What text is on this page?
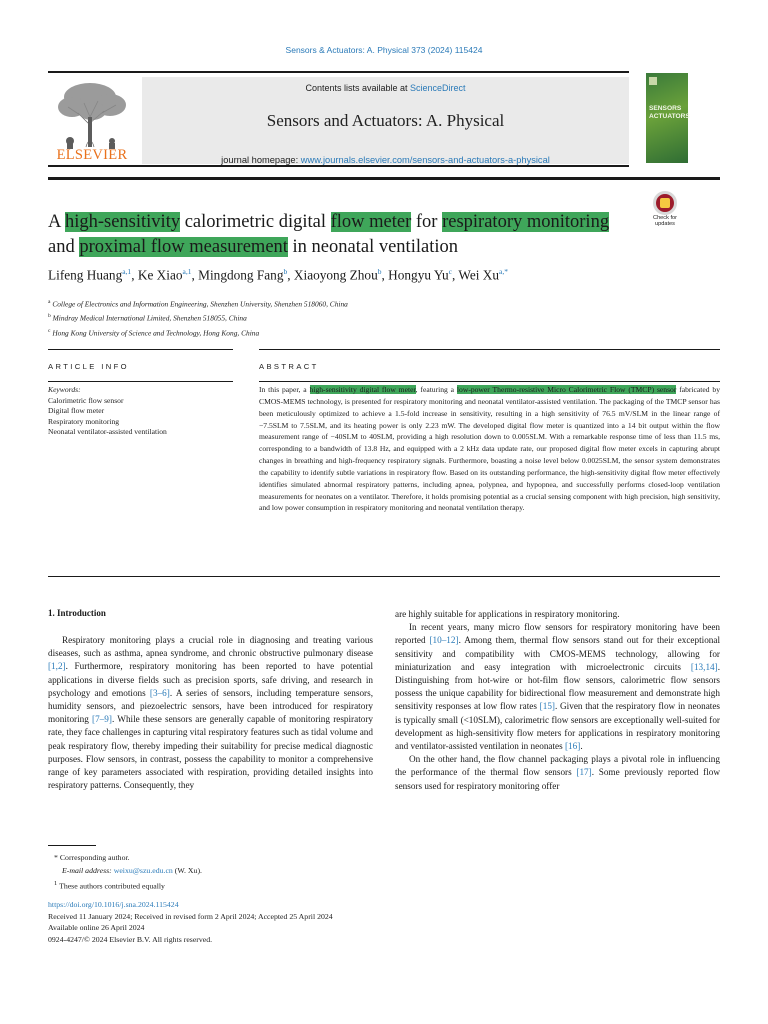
Sensors & Actuators: A. Physical 373 (2024) 115424
ELSEVIER
Contents lists available at ScienceDirect
Sensors and Actuators: A. Physical
journal homepage: www.journals.elsevier.com/sensors-and-actuators-a-physical
SENSORS
ACTUATORS
A high-sensitivity calorimetric digital flow meter for respiratory monitoring
and proximal flow measurement in neonatal ventilation
Check for updates
Lifeng Huang$^{a,1}$, Ke Xiao$^{a,1}$, Mingdong Fang$^b$, Xiaoyong Zhou$^b$, Hongyu Yu$^c$, Wei $Xu^{a,*}$
$^a$ College of Electronics and Information Engineering, Shenzhen University, Shenzhen 518060, China
$^b$ Mindray Medical International Limited, Shenzhen 518055, China
$^c$ Hong Kong University of Science and Technology, Hong Kong, China
ARTICLE INFO	ABSTRACT
Keywords:
Calorimetric flow sensor
Digital flow meter
Respiratory monitoring
Neonatal ventilator-assisted ventilation
In this paper, a high-sensitivity digital flow meter, featuring a low-power Thermo-resistive Micro Calorimetric Flow (TMCP) sensor fabricated by CMOS-MEMS technology, is presented for respiratory monitoring and neonatal ventilator-assisted ventilation. The packaging of the TMCP sensor has been meticulously optimized to achieve a 1.5-fold increase in sensitivity, resulting in a high sensitivity of 76.5 mV/SLM in the linear range of −7.5SLM to 7.5SLM, and its heating power is only 2.23 mW. The developed digital flow meter is quantized into a 14 bit output within the flow measurement range of −40SLM to 40SLM, providing a high resolution down to 0.005SLM. With a remarkable response time of less than 11.5 ms, corresponding to a bandwidth of 13.8 Hz, and equipped with a 2 kHz data update rate, our proposed digital flow meter excels in capturing abrupt changes in breathing and high-frequency respiratory signals. Furthermore, boasting a noise level below 0.0025SLM, the sensor system demonstrates the capability to identify subtle variations in respiratory flow. Based on its outstanding performance, the high-sensitivity digital flow meter effectively identifies simulated abnormal respiratory patterns, including apnea, polypnea, and hypopnea, and successfully performs closed-loop ventilation measurements for neonates on a ventilator. Therefore, it holds promising potential as a crucial sensing component with high precision, high sensitivity, and low power consumption in respiratory monitoring and neonatal ventilation therapy.
1. Introduction

Respiratory monitoring plays a crucial role in diagnosing and treating various diseases, such as asthma, apnea syndrome, and chronic obstructive pulmonary disease [1,2]. Furthermore, respiratory monitoring has been reported to have potential applications in diverse fields such as precision sports, safe driving, and research in psychology and emotions [3–6]. A series of sensors, including temperature sensors, humidity sensors, and piezoelectric sensors, have been introduced for respiratory monitoring [7–9]. While these sensors are generally capable of monitoring respiratory rate, they face challenges in capturing vital respiratory features such as tidal volume and peak respiratory flow, thereby impeding their suitability for precise medical diagnostic purposes. Flow sensors, in contrast, possess the capability to monitor a comprehensive range of key parameters associated with respiration, providing detailed insights into respiratory patterns. Consequently, they

are highly suitable for applications in respiratory monitoring.

In recent years, many micro flow sensors for respiratory monitoring have been reported [10–12]. Among them, thermal flow sensors stand out for their exceptional sensitivity and compatibility with CMOS-MEMS technology, allowing for miniaturization and easy integration with microelectronic circuits [13,14]. Distinguishing from hot-wire or hot-film flow sensors, calorimetric flow sensors possess the unique capability for bidirectional flow measurement and demonstrate high sensitivity responses at low flow rates [15]. Given that the respiratory flow in neonates is typically small (<10SLM), calorimetric flow sensors are exceptionally well-suited for development as high-sensitivity flow meters for applications in respiratory monitoring and ventilator-assisted ventilation in neonates [16].

On the other hand, the flow channel packaging plays a pivotal role in influencing the performance of the thermal flow sensors [17]. Some previously reported flow sensors used for respiratory monitoring offer

* Corresponding author.
E-mail address: weixu@szu.edu.cn (W. Xu).
$^1$ These authors contributed equally
https://doi.org/10.1016/j.sna.2024.115424
Received 11 January 2024; Received in revised form 2 April 2024; Accepted 25 April 2024
Available online 26 April 2024
0924-4247/© 2024 Elsevier B.V. All rights reserved.
